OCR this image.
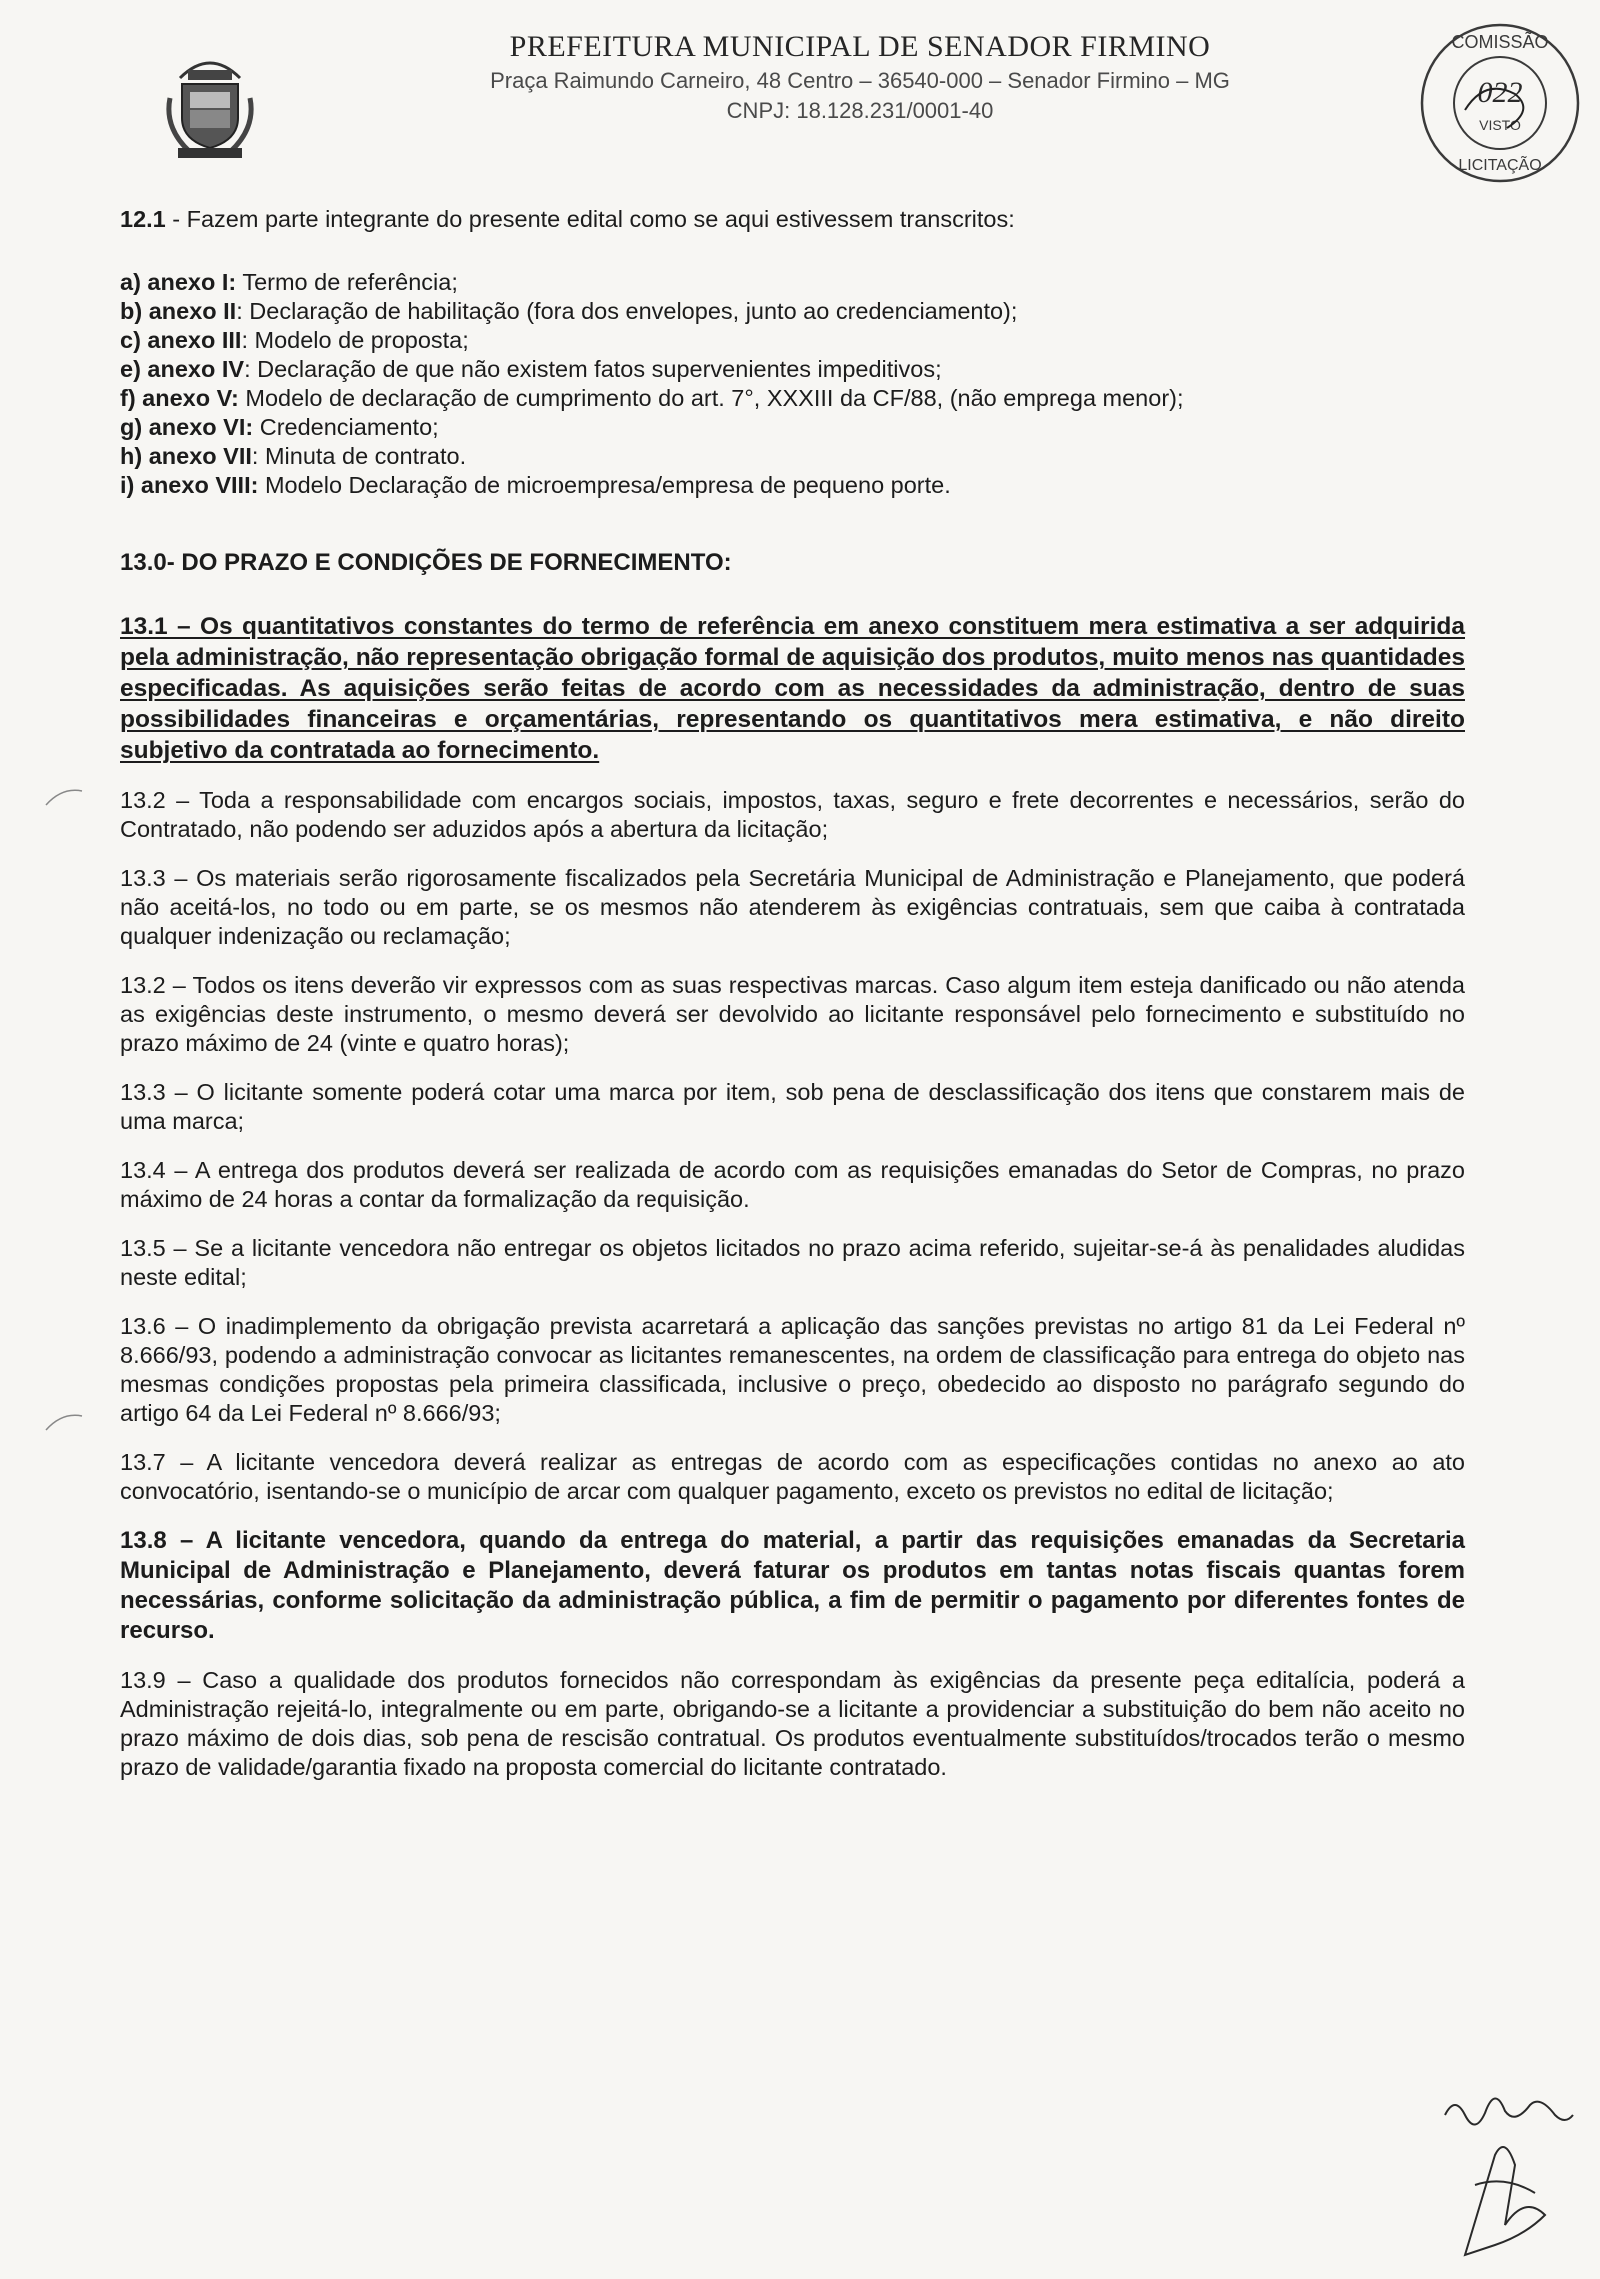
PREFEITURA MUNICIPAL DE SENADOR FIRMINO
Praça Raimundo Carneiro, 48 Centro – 36540-000 – Senador Firmino – MG
CNPJ: 18.128.231/0001-40
COMISSÃO
022
VISTO
LICITAÇÃO

12.1 - Fazem parte integrante do presente edital como se aqui estivessem transcritos:

a) anexo I: Termo de referência;

b) anexo II: Declaração de habilitação (fora dos envelopes, junto ao credenciamento);

c) anexo III: Modelo de proposta;

e) anexo IV: Declaração de que não existem fatos supervenientes impeditivos;

f) anexo V: Modelo de declaração de cumprimento do art. 7°, XXXIII da CF/88, (não emprega menor);

g) anexo VI: Credenciamento;

h) anexo VII: Minuta de contrato.

i) anexo VIII: Modelo Declaração de microempresa/empresa de pequeno porte.

13.0- DO PRAZO E CONDIÇÕES DE FORNECIMENTO:

13.1 – Os quantitativos constantes do termo de referência em anexo constituem mera estimativa a ser adquirida pela administração, não representação obrigação formal de aquisição dos produtos, muito menos nas quantidades especificadas. As aquisições serão feitas de acordo com as necessidades da administração, dentro de suas possibilidades financeiras e orçamentárias, representando os quantitativos mera estimativa, e não direito subjetivo da contratada ao fornecimento.

13.2 – Toda a responsabilidade com encargos sociais, impostos, taxas, seguro e frete decorrentes e necessários, serão do Contratado, não podendo ser aduzidos após a abertura da licitação;

13.3 – Os materiais serão rigorosamente fiscalizados pela Secretária Municipal de Administração e Planejamento, que poderá não aceitá-los, no todo ou em parte, se os mesmos não atenderem às exigências contratuais, sem que caiba à contratada qualquer indenização ou reclamação;

13.2 – Todos os itens deverão vir expressos com as suas respectivas marcas. Caso algum item esteja danificado ou não atenda as exigências deste instrumento, o mesmo deverá ser devolvido ao licitante responsável pelo fornecimento e substituído no prazo máximo de 24 (vinte e quatro horas);

13.3 – O licitante somente poderá cotar uma marca por item, sob pena de desclassificação dos itens que constarem mais de uma marca;

13.4 – A entrega dos produtos deverá ser realizada de acordo com as requisições emanadas do Setor de Compras, no prazo máximo de 24 horas a contar da formalização da requisição.

13.5 – Se a licitante vencedora não entregar os objetos licitados no prazo acima referido, sujeitar-se-á às penalidades aludidas neste edital;

13.6 – O inadimplemento da obrigação prevista acarretará a aplicação das sanções previstas no artigo 81 da Lei Federal nº 8.666/93, podendo a administração convocar as licitantes remanescentes, na ordem de classificação para entrega do objeto nas mesmas condições propostas pela primeira classificada, inclusive o preço, obedecido ao disposto no parágrafo segundo do artigo 64 da Lei Federal nº 8.666/93;

13.7 – A licitante vencedora deverá realizar as entregas de acordo com as especificações contidas no anexo ao ato convocatório, isentando-se o município de arcar com qualquer pagamento, exceto os previstos no edital de licitação;

13.8 – A licitante vencedora, quando da entrega do material, a partir das requisições emanadas da Secretaria Municipal de Administração e Planejamento, deverá faturar os produtos em tantas notas fiscais quantas forem necessárias, conforme solicitação da administração pública, a fim de permitir o pagamento por diferentes fontes de recurso.

13.9 – Caso a qualidade dos produtos fornecidos não correspondam às exigências da presente peça editalícia, poderá a Administração rejeitá-lo, integralmente ou em parte, obrigando-se a licitante a providenciar a substituição do bem não aceito no prazo máximo de dois dias, sob pena de rescisão contratual. Os produtos eventualmente substituídos/trocados terão o mesmo prazo de validade/garantia fixado na proposta comercial do licitante contratado.
